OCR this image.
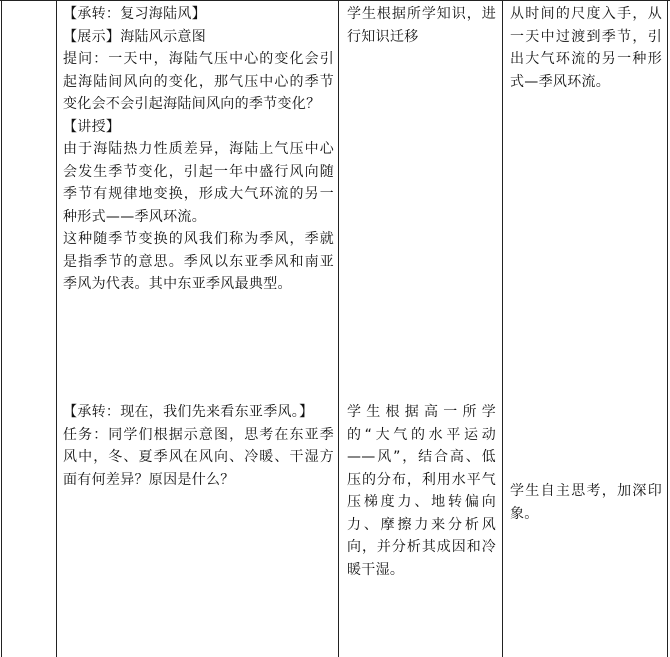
【承转：复习海陆风】

【展示】海陆风示意图

提问：一天中，海陆气压中心的变化会引起海陆间风向的变化，那气压中心的季节变化会不会引起海陆间风向的季节变化？

【讲授】

由于海陆热力性质差异，海陆上气压中心会发生季节变化，引起一年中盛行风向随季节有规律地变换，形成大气环流的另一种形式——季风环流。

这种随季节变换的风我们称为季风，季就是指季节的意思。季风以东亚季风和南亚季风为代表。其中东亚季风最典型。

学生根据所学知识，进行知识迁移

从时间的尺度入手，从一天中过渡到季节，引出大气环流的另一种形式—季风环流。

【承转：现在，我们先来看东亚季风。】

任务：同学们根据示意图，思考在东亚季风中，冬、夏季风在风向、冷暖、干湿方面有何差异？原因是什么？

学生根据高一所学的“大气的水平运动——风”，结合高、低压的分布，利用水平气压梯度力、地转偏向力、摩擦力来分析风向，并分析其成因和冷暖干湿。

学生自主思考，加深印象。
